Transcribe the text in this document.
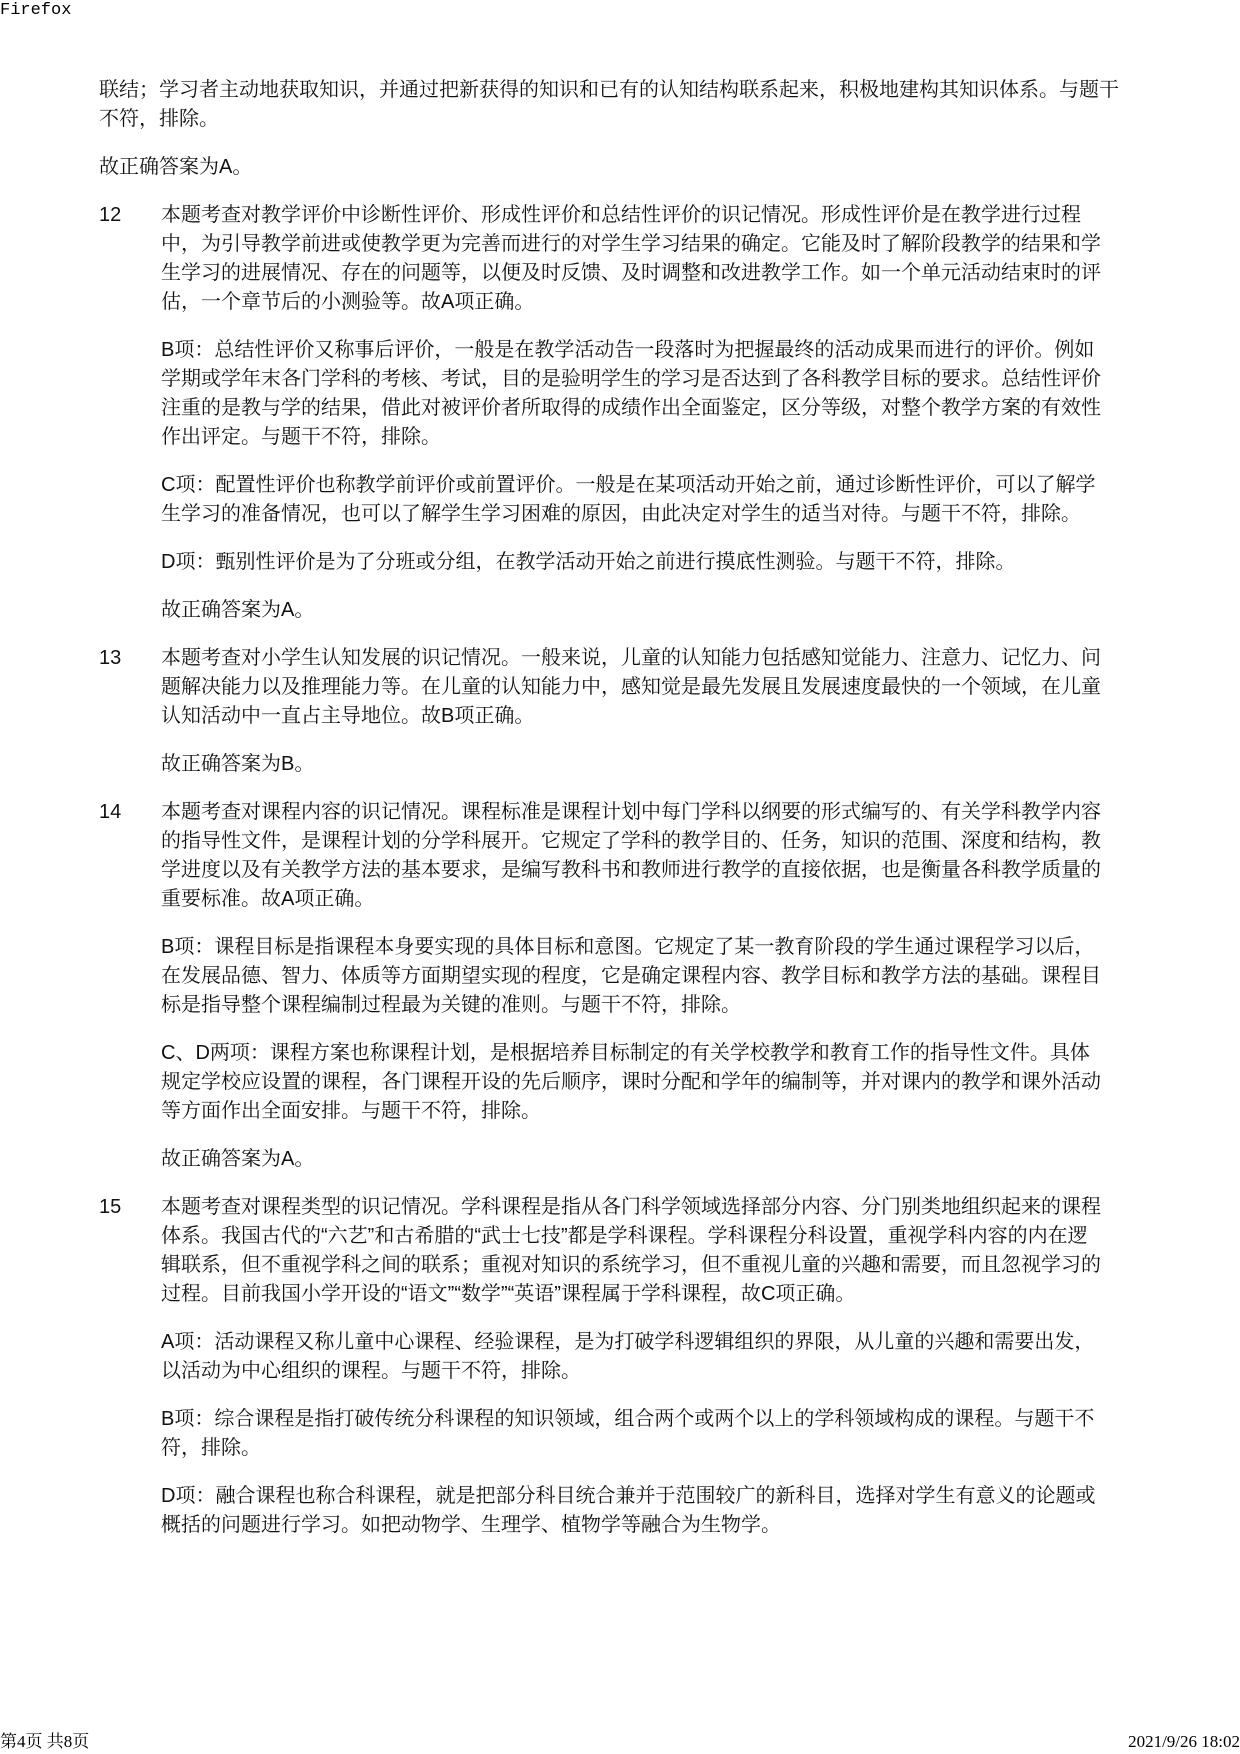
Firefox

联结；学习者主动地获取知识，并通过把新获得的知识和已有的认知结构联系起来，积极地建构其知识体系。与题干不符，排除。

故正确答案为A。

12	本题考查对教学评价中诊断性评价、形成性评价和总结性评价的识记情况。形成性评价是在教学进行过程中，为引导教学前进或使教学更为完善而进行的对学生学习结果的确定。它能及时了解阶段教学的结果和学生学习的进展情况、存在的问题等，以便及时反馈、及时调整和改进教学工作。如一个单元活动结束时的评估，一个章节后的小测验等。故A项正确。

B项：总结性评价又称事后评价，一般是在教学活动告一段落时为把握最终的活动成果而进行的评价。例如学期或学年末各门学科的考核、考试，目的是验明学生的学习是否达到了各科教学目标的要求。总结性评价注重的是教与学的结果，借此对被评价者所取得的成绩作出全面鉴定，区分等级，对整个教学方案的有效性作出评定。与题干不符，排除。

C项：配置性评价也称教学前评价或前置评价。一般是在某项活动开始之前，通过诊断性评价，可以了解学生学习的准备情况，也可以了解学生学习困难的原因，由此决定对学生的适当对待。与题干不符，排除。

D项：甄别性评价是为了分班或分组，在教学活动开始之前进行摸底性测验。与题干不符，排除。

故正确答案为A。

13	本题考查对小学生认知发展的识记情况。一般来说，儿童的认知能力包括感知觉能力、注意力、记忆力、问题解决能力以及推理能力等。在儿童的认知能力中，感知觉是最先发展且发展速度最快的一个领域，在儿童认知活动中一直占主导地位。故B项正确。

故正确答案为B。

14	本题考查对课程内容的识记情况。课程标准是课程计划中每门学科以纲要的形式编写的、有关学科教学内容的指导性文件，是课程计划的分学科展开。它规定了学科的教学目的、任务，知识的范围、深度和结构，教学进度以及有关教学方法的基本要求，是编写教科书和教师进行教学的直接依据，也是衡量各科教学质量的重要标准。故A项正确。

B项：课程目标是指课程本身要实现的具体目标和意图。它规定了某一教育阶段的学生通过课程学习以后，在发展品德、智力、体质等方面期望实现的程度，它是确定课程内容、教学目标和教学方法的基础。课程目标是指导整个课程编制过程最为关键的准则。与题干不符，排除。

C、D两项：课程方案也称课程计划，是根据培养目标制定的有关学校教学和教育工作的指导性文件。具体规定学校应设置的课程，各门课程开设的先后顺序，课时分配和学年的编制等，并对课内的教学和课外活动等方面作出全面安排。与题干不符，排除。

故正确答案为A。

15	本题考查对课程类型的识记情况。学科课程是指从各门科学领域选择部分内容、分门别类地组织起来的课程体系。我国古代的“六艺”和古希腊的“武士七技”都是学科课程。学科课程分科设置，重视学科内容的内在逻辑联系，但不重视学科之间的联系；重视对知识的系统学习，但不重视儿童的兴趣和需要，而且忽视学习的过程。目前我国小学开设的“语文”“数学”“英语”课程属于学科课程，故C项正确。

A项：活动课程又称儿童中心课程、经验课程，是为打破学科逻辑组织的界限，从儿童的兴趣和需要出发，以活动为中心组织的课程。与题干不符，排除。

B项：综合课程是指打破传统分科课程的知识领域，组合两个或两个以上的学科领域构成的课程。与题干不符，排除。

D项：融合课程也称合科课程，就是把部分科目统合兼并于范围较广的新科目，选择对学生有意义的论题或概括的问题进行学习。如把动物学、生理学、植物学等融合为生物学。

第4页 共8页	2021/9/26 18:02
